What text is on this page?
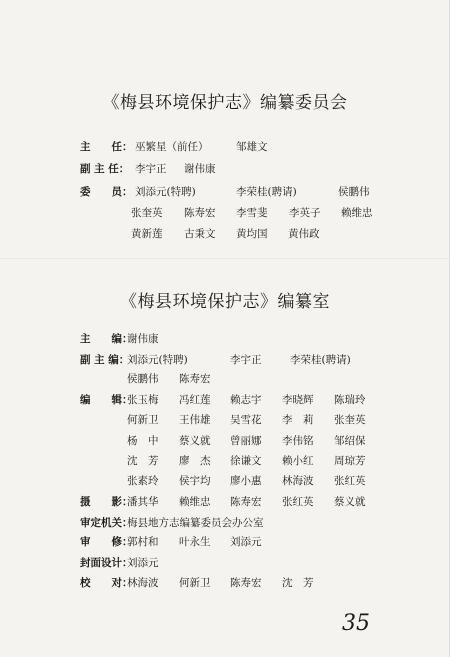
《梅县环境保护志》编纂委员会
主　　任： 巫繁星（前任）	邹雄文
副 主 任： 李宇正 谢伟康
委　　员： 刘添元(特聘)	李荣桂(聘请)	侯鹏伟
张奎英 陈寿宏 李雪斐 李英子 赖维忠
黄新莲 古秉文 黄均国 黄伟政
《梅县环境保护志》编纂室
主　　编：
谢伟康
副 主 编：
刘添元(特聘)	李宇正	李荣桂(聘请)
侯鹏伟 陈寿宏
编　　辑：
张玉梅 冯红莲 赖志宇 李晓辉 陈瑞玲
何新卫 王伟雄 吴雪花 李　莉 张奎英
杨　中 蔡义就 曾丽娜 李伟铭 邹绍保
沈　芳 廖　杰 徐谦文 赖小红 周琼芳
张素玲 侯宇均 廖小惠 林海波 张红英
摄　　影：
潘其华 赖维忠 陈寿宏 张红英 蔡义就
审定机关：
梅县地方志编纂委员会办公室
审　　修：
郭村和 叶永生 刘添元
封面设计：
刘添元
校　　对：
林海波 何新卫 陈寿宏 沈　芳
35
